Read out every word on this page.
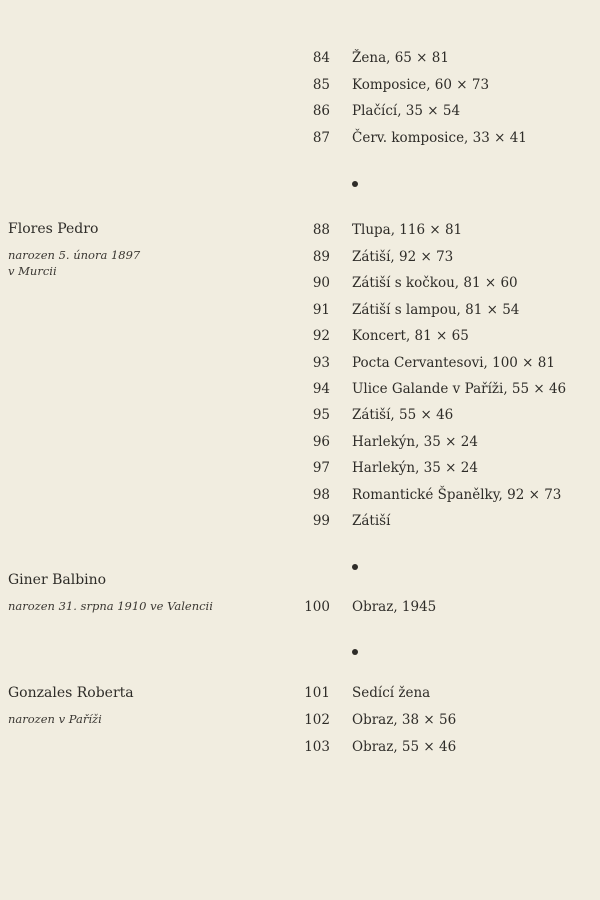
84 Žena, 65 × 81
85 Komposice, 60 × 73
86 Plačící, 35 × 54
87 Červ. komposice, 33 × 41
Flores Pedro
narozen 5. února 1897
v Murcii
88 Tlupa, 116 × 81
89 Zátiší, 92 × 73
90 Zátiší s kočkou, 81 × 60
91 Zátiší s lampou, 81 × 54
92 Koncert, 81 × 65
93 Pocta Cervantesovi, 100 × 81
94 Ulice Galande v Paříži, 55 × 46
95 Zátiší, 55 × 46
96 Harlekýn, 35 × 24
97 Harlekýn, 35 × 24
98 Romantické Španělky, 92 × 73
99 Zátiší
Giner Balbino
narozen 31. srpna 1910 ve Valencii	100 Obraz, 1945
Gonzales Roberta
narozen v Paříži
101 Sedící žena
102 Obraz, 38 × 56
103 Obraz, 55 × 46
